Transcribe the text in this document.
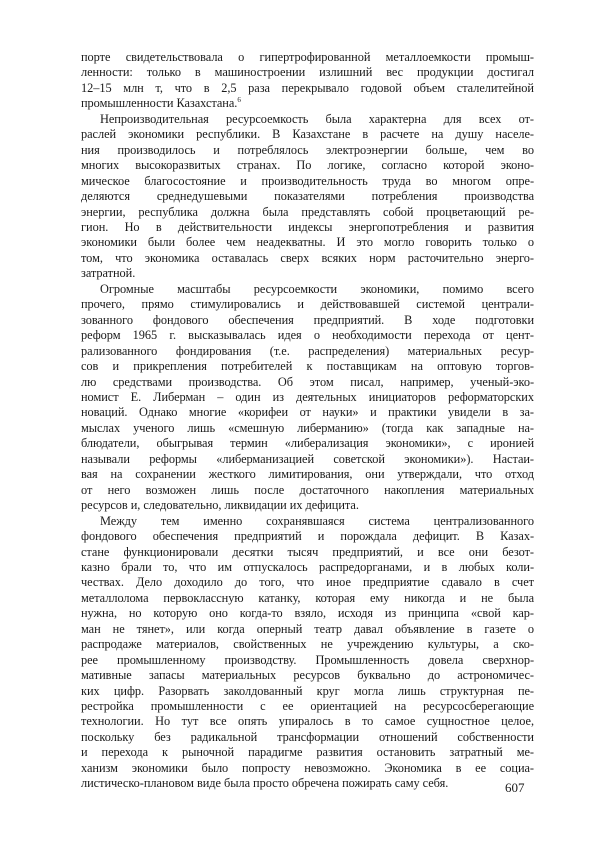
порте свидетельствовала о гипертрофированной металлоемкости промыш-
ленности: только в машиностроении излишний вес продукции достигал
12–15 млн т, что в 2,5 раза перекрывало годовой объем сталелитейной
промышленности Казахстана.$^6$

Непроизводительная ресурсоемкость была характерна для всех от-
раслей экономики республики. В Казахстане в расчете на душу населе-
ния производилось и потреблялось электроэнергии больше, чем во
многих высокоразвитых странах. По логике, согласно которой эконо-
мическое благосостояние и производительность труда во многом опре-
деляются среднедушевыми показателями потребления производства
энергии, республика должна была представлять собой процветающий ре-
гион. Но в действительности индексы энергопотребления и развития
экономики были более чем неадекватны. И это могло говорить только о
том, что экономика оставалась сверх всяких норм расточительно энерго-
затратной.

Огромные масштабы ресурсоемкости экономики, помимо всего
прочего, прямо стимулировались и действовавшей системой централи-
зованного фондового обеспечения предприятий. В ходе подготовки
реформ 1965 г. высказывалась идея о необходимости перехода от цент-
рализованного фондирования (т.е. распределения) материальных ресур-
сов и прикрепления потребителей к поставщикам на оптовую торгов-
лю средствами производства. Об этом писал, например, ученый-эко-
номист Е. Либерман – один из деятельных инициаторов реформаторских
новаций. Однако многие «корифеи от науки» и практики увидели в за-
мыслах ученого лишь «смешную либерманию» (тогда как западные на-
блюдатели, обыгрывая термин «либерализация экономики», с иронией
называли реформы «либерманизацией советской экономики»). Настаи-
вая на сохранении жесткого лимитирования, они утверждали, что отход
от него возможен лишь после достаточного накопления материальных
ресурсов и, следовательно, ликвидации их дефицита.

Между тем именно сохранявшаяся система централизованного
фондового обеспечения предприятий и порождала дефицит. В Казах-
стане функционировали десятки тысяч предприятий, и все они безот-
казно брали то, что им отпускалось распредорганами, и в любых коли-
чествах. Дело доходило до того, что иное предприятие сдавало в счет
металлолома первоклассную катанку, которая ему никогда и не была
нужна, но которую оно когда-то взяло, исходя из принципа «свой кар-
ман не тянет», или когда оперный театр давал объявление в газете о
распродаже материалов, свойственных не учреждению культуры, а ско-
рее промышленному производству. Промышленность довела сверхнор-
мативные запасы материальных ресурсов буквально до астрономичес-
ких цифр. Разорвать заколдованный круг могла лишь структурная пе-
рестройка промышленности с ее ориентацией на ресурсосберегающие
технологии. Но тут все опять упиралось в то самое сущностное целое,
поскольку без радикальной трансформации отношений собственности
и перехода к рыночной парадигме развития остановить затратный ме-
ханизм экономики было попросту невозможно. Экономика в ее социа-
листическо-плановом виде была просто обречена пожирать саму себя.	607
